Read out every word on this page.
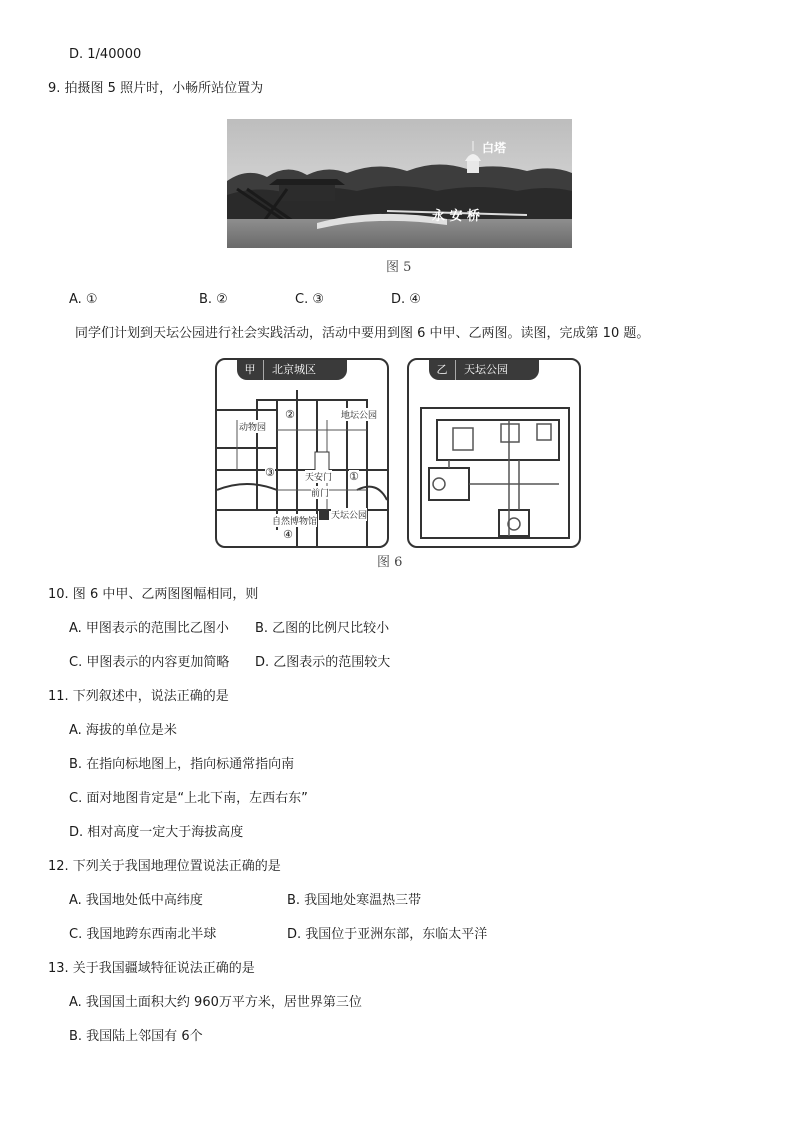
D. 1/40000
9. 拍摄图 5 照片时，小畅所站位置为
白塔
永 安 桥
图 5
A. ①	B. ②	C. ③	D. ④
同学们计划到天坛公园进行社会实践活动，活动中要用到图 6 中甲、乙两图。读图，完成第 10 题。
甲 北京城区
动物园
地坛公园
天安门
前门
自然博物馆
天坛公园
②
③	①
④
乙 天坛公园
图 6
10. 图 6 中甲、乙两图图幅相同，则
A. 甲图表示的范围比乙图小 B. 乙图的比例尺比较小
C. 甲图表示的内容更加简略 D. 乙图表示的范围较大
11. 下列叙述中，说法正确的是
A. 海拔的单位是米
B. 在指向标地图上，指向标通常指向南
C. 面对地图肯定是“上北下南，左西右东”
D. 相对高度一定大于海拔高度
12. 下列关于我国地理位置说法正确的是
A. 我国地处低中高纬度	B. 我国地处寒温热三带
C. 我国地跨东西南北半球	D. 我国位于亚洲东部，东临太平洋
13. 关于我国疆域特征说法正确的是
A. 我国国土面积大约 960万平方米，居世界第三位
B. 我国陆上邻国有 6个
